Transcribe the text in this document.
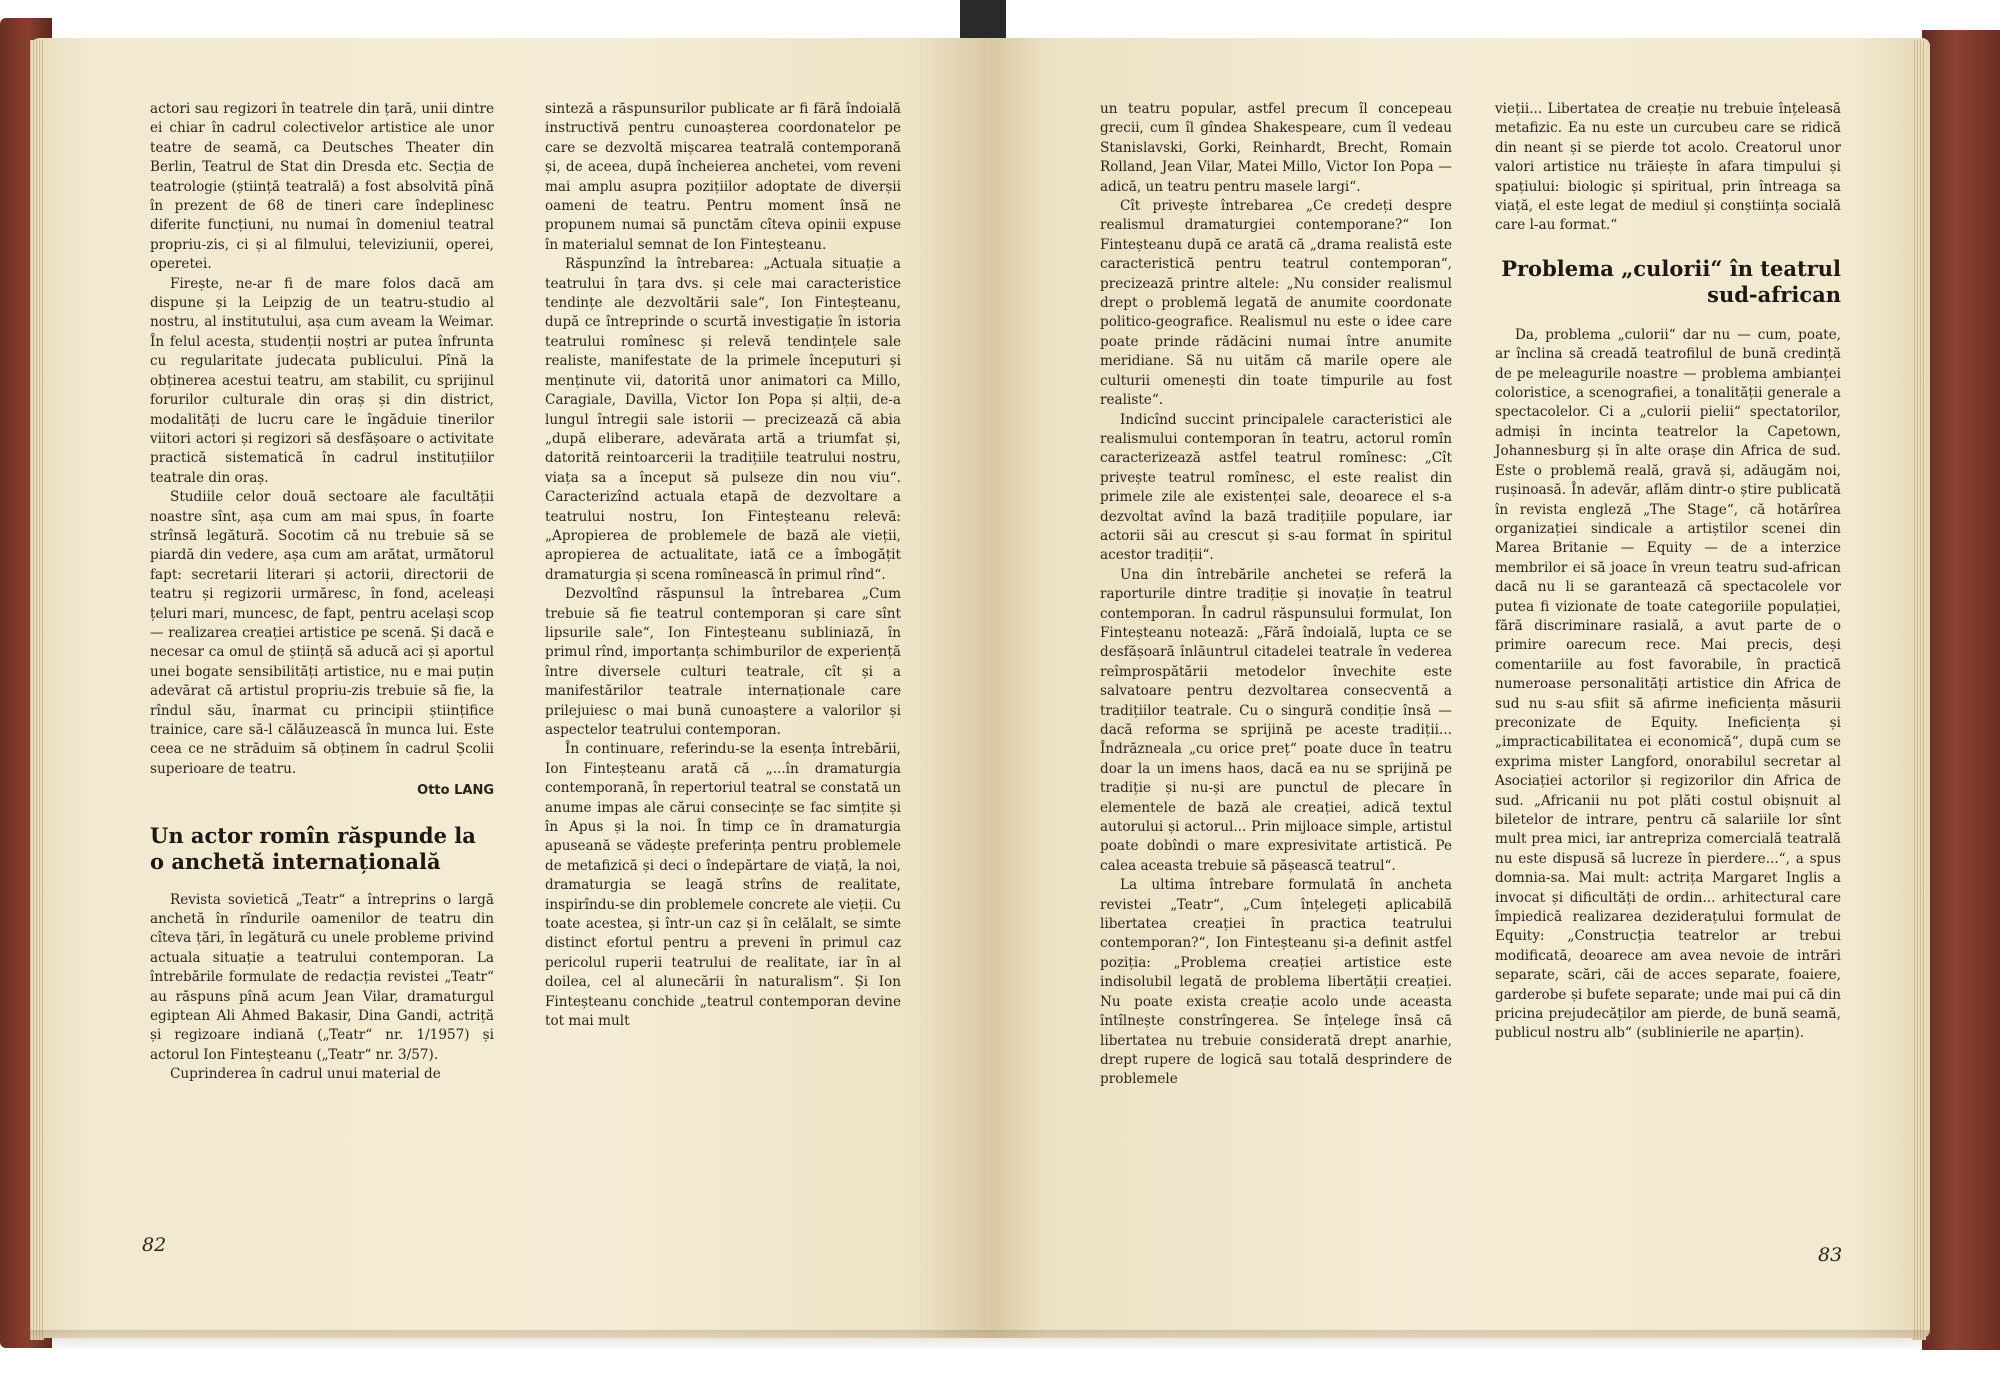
actori sau regizori în teatrele din țară, unii dintre ei chiar în cadrul colectivelor artistice ale unor teatre de seamă, ca Deutsches Theater din Berlin, Teatrul de Stat din Dresda etc. Secția de teatrologie (știință teatrală) a fost absolvită pînă în prezent de 68 de tineri care îndeplinesc diferite funcțiuni, nu numai în domeniul teatral propriu-zis, ci și al filmului, televiziunii, operei, operetei.

Firește, ne-ar fi de mare folos dacă am dispune și la Leipzig de un teatru-studio al nostru, al institutului, așa cum aveam la Weimar. În felul acesta, studenții noștri ar putea înfrunta cu regularitate judecata publicului. Pînă la obținerea acestui teatru, am stabilit, cu sprijinul forurilor culturale din oraș și din district, modalități de lucru care le îngăduie tinerilor viitori actori și regizori să desfășoare o activitate practică sistematică în cadrul instituțiilor teatrale din oraș.

Studiile celor două sectoare ale facultății noastre sînt, așa cum am mai spus, în foarte strînsă legătură. Socotim că nu trebuie să se piardă din vedere, așa cum am arătat, următorul fapt: secretarii literari și actorii, directorii de teatru și regizorii urmăresc, în fond, aceleași țeluri mari, muncesc, de fapt, pentru același scop — realizarea creației artistice pe scenă. Și dacă e necesar ca omul de știință să aducă aci și aportul unei bogate sensibilități artistice, nu e mai puțin adevărat că artistul propriu-zis trebuie să fie, la rîndul său, înarmat cu principii științifice trainice, care să-l călăuzească în munca lui. Este ceea ce ne străduim să obținem în cadrul Școlii superioare de teatru.

Otto LANG
Un actor romîn răspunde la o anchetă internațională

Revista sovietică „Teatr“ a întreprins o largă anchetă în rîndurile oamenilor de teatru din cîteva țări, în legătură cu unele probleme privind actuala situație a teatrului contemporan. La întrebările formulate de redacția revistei „Teatr“ au răspuns pînă acum Jean Vilar, dramaturgul egiptean Ali Ahmed Bakasir, Dina Gandi, actriță și regizoare indiană („Teatr“ nr. 1/1957) și actorul Ion Finteșteanu („Teatr“ nr. 3/57).

Cuprinderea în cadrul unui material de

sinteză a răspunsurilor publicate ar fi fără îndoială instructivă pentru cunoașterea coordonatelor pe care se dezvoltă mișcarea teatrală contemporană și, de aceea, după încheierea anchetei, vom reveni mai amplu asupra pozițiilor adoptate de diverșii oameni de teatru. Pentru moment însă ne propunem numai să punctăm cîteva opinii expuse în materialul semnat de Ion Finteșteanu.

Răspunzînd la întrebarea: „Actuala situație a teatrului în țara dvs. și cele mai caracteristice tendințe ale dezvoltării sale“, Ion Finteșteanu, după ce întreprinde o scurtă investigație în istoria teatrului romînesc și relevă tendințele sale realiste, manifestate de la primele începuturi și menținute vii, datorită unor animatori ca Millo, Caragiale, Davilla, Victor Ion Popa și alții, de-a lungul întregii sale istorii — precizează că abia „după eliberare, adevărata artă a triumfat și, datorită reintoarcerii la tradițiile teatrului nostru, viața sa a început să pulseze din nou viu“. Caracterizînd actuala etapă de dezvoltare a teatrului nostru, Ion Finteșteanu relevă: „Apropierea de problemele de bază ale vieții, apropierea de actualitate, iată ce a îmbogățit dramaturgia și scena romînească în primul rînd“.

Dezvoltînd răspunsul la întrebarea „Cum trebuie să fie teatrul contemporan și care sînt lipsurile sale“, Ion Finteșteanu subliniază, în primul rînd, importanța schimburilor de experiență între diversele culturi teatrale, cît și a manifestărilor teatrale internaționale care prilejuiesc o mai bună cunoaștere a valorilor și aspectelor teatrului contemporan.

În continuare, referindu-se la esența întrebării, Ion Finteșteanu arată că „...în dramaturgia contemporană, în repertoriul teatral se constată un anume impas ale cărui consecințe se fac simțite și în Apus și la noi. În timp ce în dramaturgia apuseană se vădește preferința pentru problemele de metafizică și deci o îndepărtare de viață, la noi, dramaturgia se leagă strîns de realitate, inspirîndu-se din problemele concrete ale vieții. Cu toate acestea, și într-un caz și în celălalt, se simte distinct efortul pentru a preveni în primul caz pericolul ruperii teatrului de realitate, iar în al doilea, cel al alunecării în naturalism“. Și Ion Finteșteanu conchide „teatrul contemporan devine tot mai mult

82

un teatru popular, astfel precum îl concepeau grecii, cum îl gîndea Shakespeare, cum îl vedeau Stanislavski, Gorki, Reinhardt, Brecht, Romain Rolland, Jean Vilar, Matei Millo, Victor Ion Popa — adică, un teatru pentru masele largi“.

Cît privește întrebarea „Ce credeți despre realismul dramaturgiei contemporane?“ Ion Finteșteanu după ce arată că „drama realistă este caracteristică pentru teatrul contemporan“, precizează printre altele: „Nu consider realismul drept o problemă legată de anumite coordonate politico-geografice. Realismul nu este o idee care poate prinde rădăcini numai între anumite meridiane. Să nu uităm că marile opere ale culturii omenești din toate timpurile au fost realiste“.

Indicînd succint principalele caracteristici ale realismului contemporan în teatru, actorul romîn caracterizează astfel teatrul romînesc: „Cît privește teatrul romînesc, el este realist din primele zile ale existenței sale, deoarece el s-a dezvoltat avînd la bază tradițiile populare, iar actorii săi au crescut și s-au format în spiritul acestor tradiții“.

Una din întrebările anchetei se referă la raporturile dintre tradiție și inovație în teatrul contemporan. În cadrul răspunsului formulat, Ion Finteșteanu notează: „Fără îndoială, lupta ce se desfășoară înlăuntrul citadelei teatrale în vederea reîmprospătării metodelor învechite este salvatoare pentru dezvoltarea consecventă a tradițiilor teatrale. Cu o singură condiție însă — dacă reforma se sprijină pe aceste tradiții... Îndrăzneala „cu orice preț“ poate duce în teatru doar la un imens haos, dacă ea nu se sprijină pe tradiție și nu-și are punctul de plecare în elementele de bază ale creației, adică textul autorului și actorul... Prin mijloace simple, artistul poate dobîndi o mare expresivitate artistică. Pe calea aceasta trebuie să pășească teatrul“.

La ultima întrebare formulată în ancheta revistei „Teatr“, „Cum înțelegeți aplicabilă libertatea creației în practica teatrului contemporan?“, Ion Finteșteanu și-a definit astfel poziția: „Problema creației artistice este indisolubil legată de problema libertății creației. Nu poate exista creație acolo unde aceasta întîlnește constrîngerea. Se înțelege însă că libertatea nu trebuie considerată drept anarhie, drept rupere de logică sau totală desprindere de problemele

vieții... Libertatea de creație nu trebuie înțeleasă metafizic. Ea nu este un curcubeu care se ridică din neant și se pierde tot acolo. Creatorul unor valori artistice nu trăiește în afara timpului și spațiului: biologic și spiritual, prin întreaga sa viață, el este legat de mediul și conștiința socială care l-au format.“

Problema „culorii“ în teatrul sud-african

Da, problema „culorii“ dar nu — cum, poate, ar înclina să creadă teatrofilul de bună credință de pe meleagurile noastre — problema ambianței coloristice, a scenografiei, a tonalității generale a spectacolelor. Ci a „culorii pielii“ spectatorilor, admiși în incinta teatrelor la Capetown, Johannesburg și în alte orașe din Africa de sud. Este o problemă reală, gravă și, adăugăm noi, rușinoasă. În adevăr, aflăm dintr-o știre publicată în revista engleză „The Stage“, că hotărîrea organizației sindicale a artiștilor scenei din Marea Britanie — Equity — de a interzice membrilor ei să joace în vreun teatru sud-african dacă nu li se garantează că spectacolele vor putea fi vizionate de toate categoriile populației, fără discriminare rasială, a avut parte de o primire oarecum rece. Mai precis, deși comentariile au fost favorabile, în practică numeroase personalități artistice din Africa de sud nu s-au sfiit să afirme ineficiența măsurii preconizate de Equity. Ineficiența și „impracticabilitatea ei economică“, după cum se exprima mister Langford, onorabilul secretar al Asociației actorilor și regizorilor din Africa de sud. „Africanii nu pot plăti costul obișnuit al biletelor de intrare, pentru că salariile lor sînt mult prea mici, iar antrepriza comercială teatrală nu este dispusă să lucreze în pierdere...“, a spus domnia-sa. Mai mult: actrița Margaret Inglis a invocat și dificultăți de ordin... arhitectural care împiedică realizarea deziderațului formulat de Equity: „Construcția teatrelor ar trebui modificată, deoarece am avea nevoie de intrări separate, scări, căi de acces separate, foaiere, garderobe și bufete separate; unde mai pui că din pricina prejudecăților am pierde, de bună seamă, publicul nostru alb“ (sublinierile ne aparțin).

83
